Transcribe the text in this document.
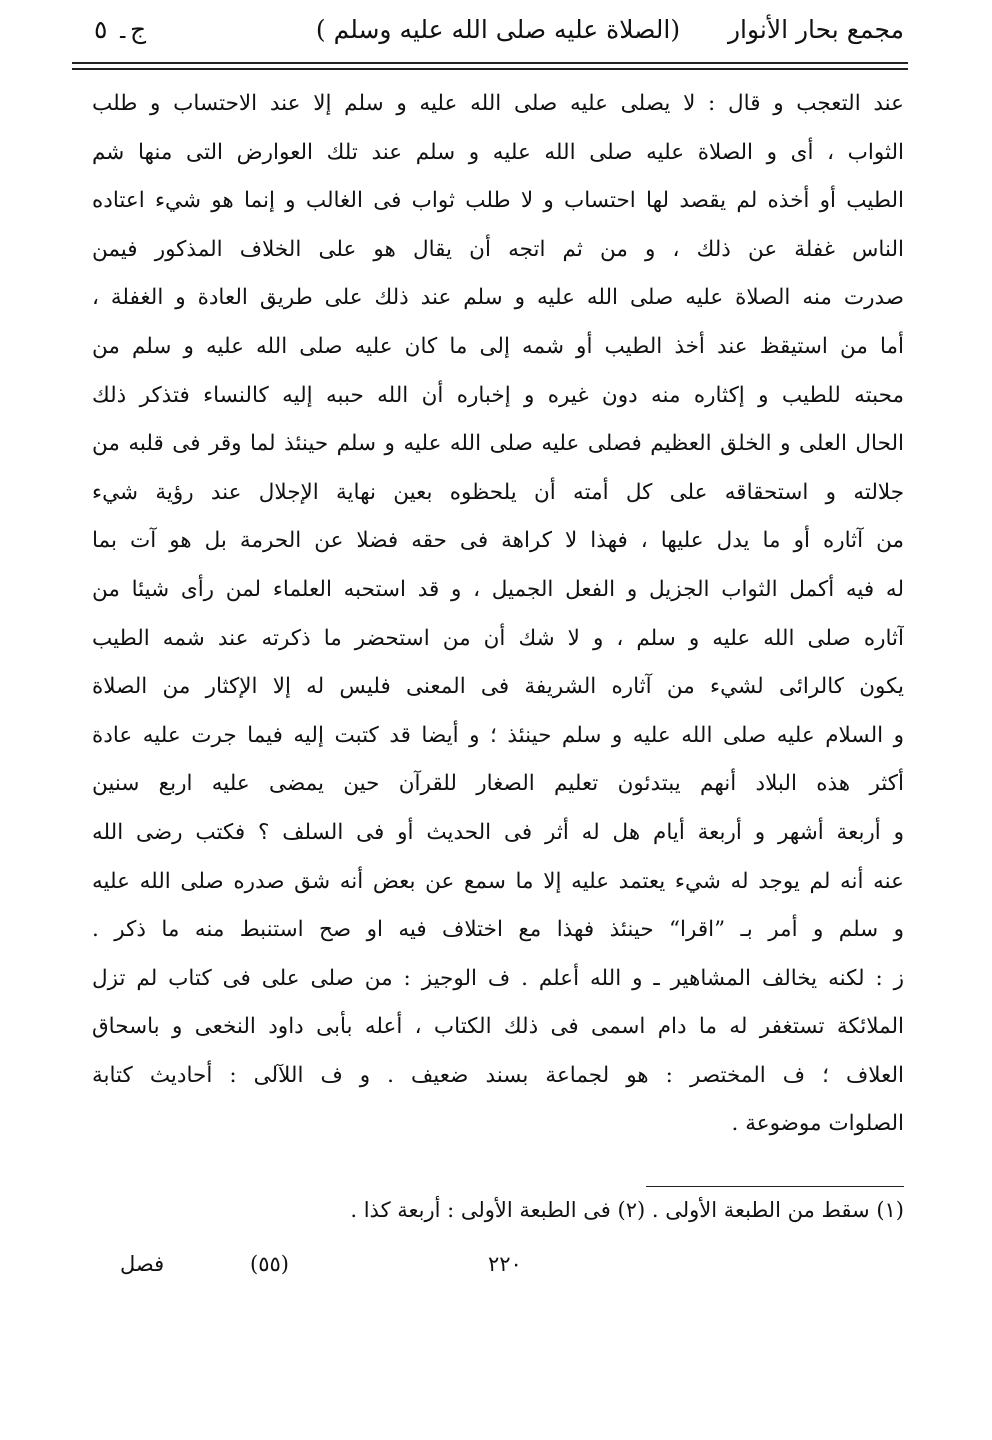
مجمع بحار الأنوار
(الصلاة عليه صلى الله عليه وسلم )
ج۔ ٥
عند التعجب و قال : لا يصلى عليه صلى الله عليه و سلم إلا عند الاحتساب و طلب
الثواب ، أى و الصلاة عليه صلى الله عليه و سلم عند تلك العوارض التى منها شم
الطيب أو أخذه لم يقصد لها احتساب و لا طلب ثواب فى الغالب و إنما هو شيء اعتاده
الناس غفلة عن ذلك ، و من ثم اتجه أن يقال هو على الخلاف المذكور فيمن
صدرت منه الصلاة عليه صلى الله عليه و سلم عند ذلك على طريق العادة و الغفلة ،
أما من استيقظ عند أخذ الطيب أو شمه إلى ما كان عليه صلى الله عليه و سلم من
محبته للطيب و إكثاره منه دون غيره و إخباره أن الله حببه إليه كالنساء فتذكر ذلك
الحال العلى و الخلق العظيم فصلى عليه صلى الله عليه و سلم حينئذ لما وقر فى قلبه من
جلالته و استحقاقه على كل أمته أن يلحظوه بعين نهاية الإجلال عند رؤية شيء
من آثاره أو ما يدل عليها ، فهذا لا كراهة فى حقه فضلا عن الحرمة بل هو آت بما
له فيه أكمل الثواب الجزيل و الفعل الجميل ، و قد استحبه العلماء لمن رأى شيئا من
آثاره صلى الله عليه و سلم ، و لا شك أن من استحضر ما ذكرته عند شمه الطيب
يكون كالرائى لشيء من آثاره الشريفة فى المعنى فليس له إلا الإكثار من الصلاة
و السلام عليه صلى الله عليه و سلم حينئذ ؛ و أيضا قد كتبت إليه فيما جرت عليه عادة
أكثر هذه البلاد أنهم يبتدئون تعليم الصغار للقرآن حين يمضى عليه اربع سنين
و أربعة أشهر و أربعة أيام هل له أثر فى الحديث أو فى السلف ؟ فكتب رضى الله
عنه أنه لم يوجد له شيء يعتمد عليه إلا ما سمع عن بعض أنه شق صدره صلى الله عليه
و سلم و أمر بـ ”اقرا“ حينئذ فهذا مع اختلاف فيه او صح استنبط منه ما ذكر .
ز : لكنه يخالف المشاهير ـ و الله أعلم . ف الوجيز : من صلى على فى كتاب لم تزل
الملائكة تستغفر له ما دام اسمى فى ذلك الكتاب ، أعله بأبى داود النخعى و باسحاق
العلاف ؛ ف المختصر : هو لجماعة بسند ضعيف . و ف اللآلى : أحاديث كتابة
الصلوات موضوعة .
(١) سقط من الطبعة الأولى . (٢) فى الطبعة الأولى : أربعة كذا .
فصل	(٥٥)	٢٢٠
